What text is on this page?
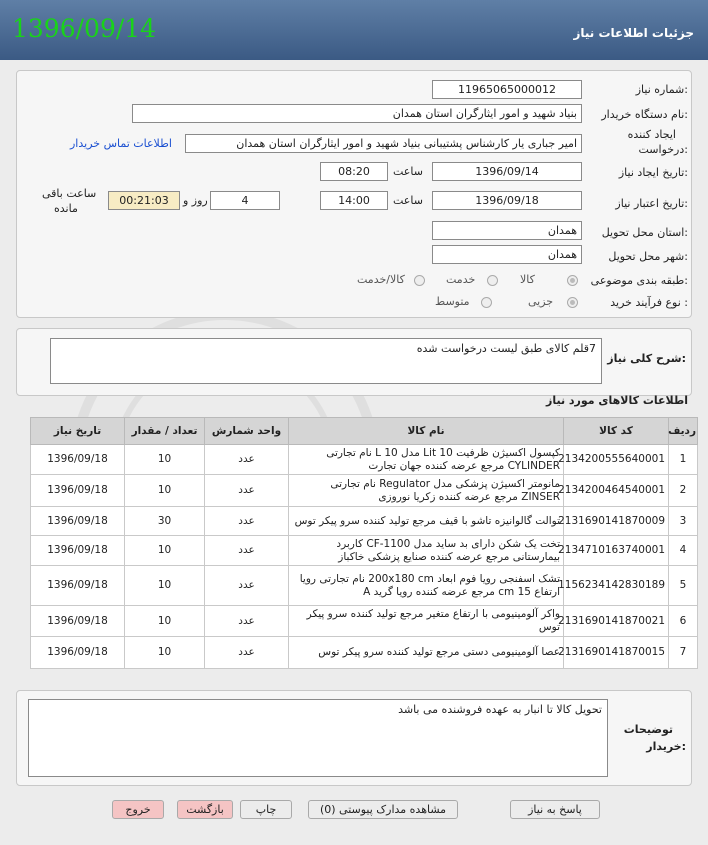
جزئیات اطلاعات نیاز
1396/09/14
شماره نیاز:
1196506500001​2
نام دستگاه خریدار:
بنیاد شهید و امور ایثارگران استان همدان
ایجاد کننده
درخواست:
امیر جباری یار کارشناس پشتیبانی بنیاد شهید و امور ایثارگران استان همدان
اطلاعات تماس خریدار
تاریخ ایجاد نیاز:
1396/09/14
ساعت
08:20
تاریخ اعتبار نیاز:
1396/09/18
ساعت
14:00
4
روز و
00:21:03
ساعت باقی
مانده
استان محل تحویل:
همدان
شهر محل تحویل:
همدان
طبقه بندی موضوعی:
کالا
خدمت
کالا/خدمت
نوع فرآیند خرید :
جزیی
متوسط
شرح کلی نیاز:
7قلم کالای طبق لیست درخواست شده
اطلاعات کالاهای مورد نیاز
ردیف	کد کالا	نام کالا	واحد شمارش	تعداد / مقدار	تاریخ نیاز
1	2134200555640001	کپسول اکسیژن ظرفیت 10 Lit مدل 10 L نام تجارتی CYLINDER مرجع عرضه کننده جهان تجارت	عدد	10	1396/09/18
2	2134200464540001	مانومتر اکسیژن پزشکی مدل Regulator نام تجارتی ZINSER مرجع عرضه کننده زکریا نوروزی	عدد	10	1396/09/18
3	2131690141870009	توالت گالوانیزه تاشو با قیف مرجع تولید کننده سرو پیکر توس	عدد	30	1396/09/18
4	2134710163740001	تخت یک شکن دارای بد ساید مدل CF-1100 کاربرد بیمارستانی مرجع عرضه کننده صنایع پزشکی خاکباز	عدد	10	1396/09/18
5	1156234142830189	تشک اسفنجی رویا فوم ابعاد 200x180 cm نام تجارتی رویا ارتفاع 15 cm مرجع عرضه کننده رویا گرید A	عدد	10	1396/09/18
6	2131690141870021	واکر آلومینیومی با ارتفاع متغیر مرجع تولید کننده سرو پیکر توس	عدد	10	1396/09/18
7	2131690141870015	عصا آلومینیومی دستی مرجع تولید کننده سرو پیکر توس	عدد	10	1396/09/18
توضیحات
خریدار:
تحویل کالا تا انبار به عهده فروشنده می باشد
پاسخ به نیاز
مشاهده مدارک پیوستی (0)
چاپ
بازگشت
خروج
